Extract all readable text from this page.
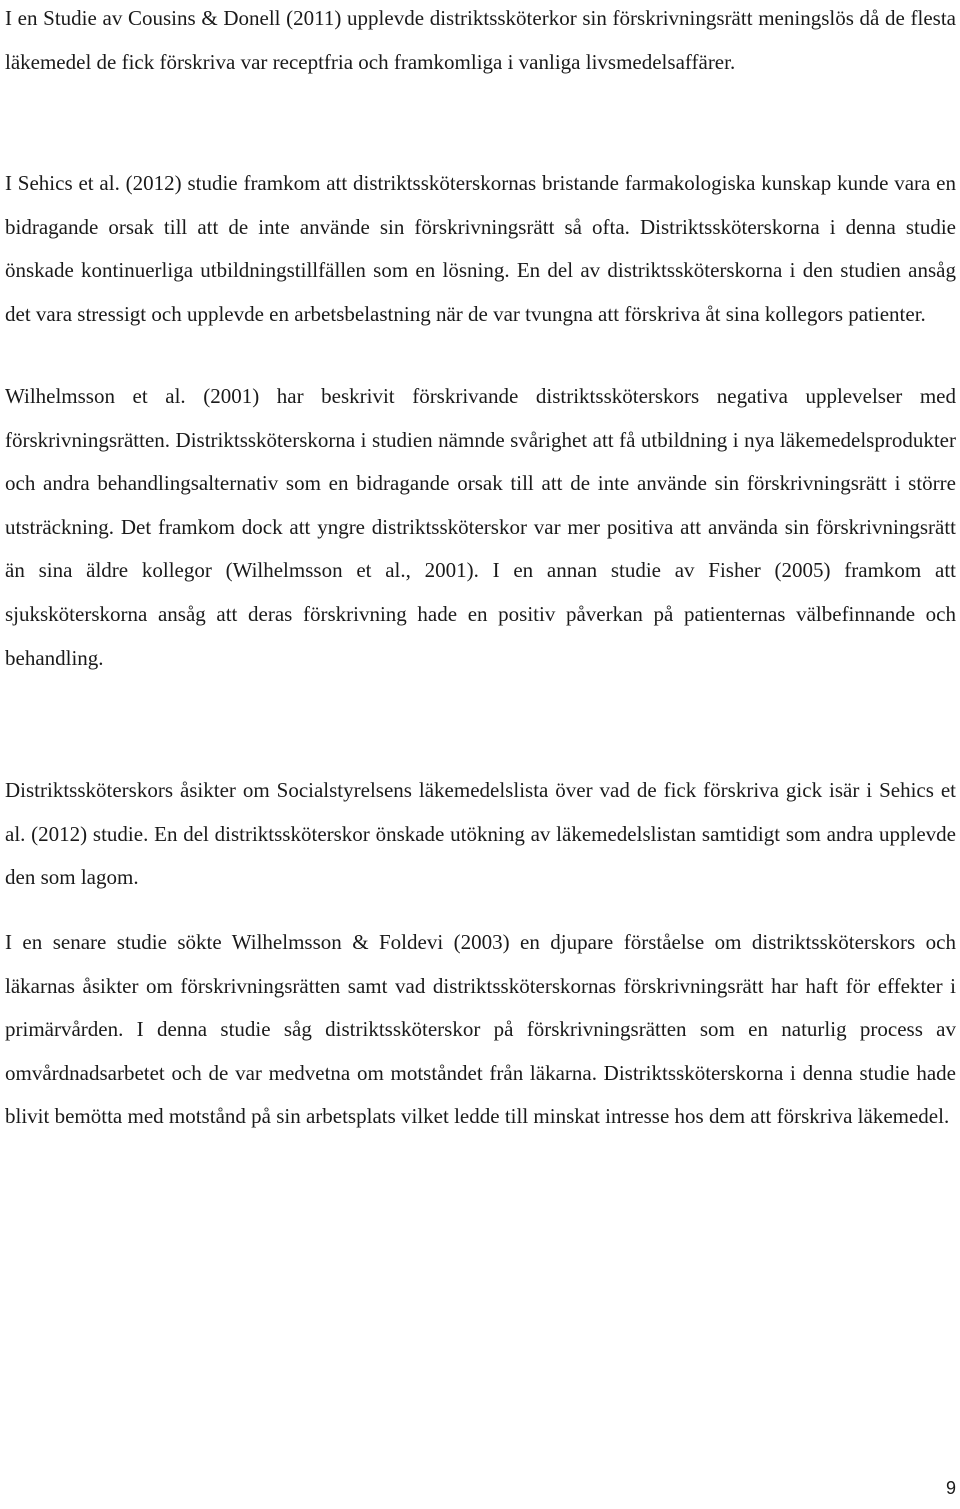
I en Studie av Cousins & Donell (2011) upplevde distriktssköterkor sin förskrivningsrätt meningslös då de flesta läkemedel de fick förskriva var receptfria och framkomliga i vanliga livsmedelsaffärer.

I Sehics et al. (2012) studie framkom att distriktssköterskornas bristande farmakologiska kunskap kunde vara en bidragande orsak till att de inte använde sin förskrivningsrätt så ofta. Distriktssköterskorna i denna studie önskade kontinuerliga utbildningstillfällen som en lösning. En del av distriktssköterskorna i den studien ansåg det vara stressigt och upplevde en arbetsbelastning när de var tvungna att förskriva åt sina kollegors patienter.

Wilhelmsson et al. (2001) har beskrivit förskrivande distriktssköterskors negativa upplevelser med förskrivningsrätten. Distriktssköterskorna i studien nämnde svårighet att få utbildning i nya läkemedelsprodukter och andra behandlingsalternativ som en bidragande orsak till att de inte använde sin förskrivningsrätt i större utsträckning. Det framkom dock att yngre distriktssköterskor var mer positiva att använda sin förskrivningsrätt än sina äldre kollegor (Wilhelmsson et al., 2001). I en annan studie av Fisher (2005) framkom att sjuksköterskorna ansåg att deras förskrivning hade en positiv påverkan på patienternas välbefinnande och behandling.

Distriktssköterskors åsikter om Socialstyrelsens läkemedelslista över vad de fick förskriva gick isär i Sehics et al. (2012) studie. En del distriktssköterskor önskade utökning av läkemedelslistan samtidigt som andra upplevde den som lagom.

I en senare studie sökte Wilhelmsson & Foldevi (2003) en djupare förståelse om distriktssköterskors och läkarnas åsikter om förskrivningsrätten samt vad distriktssköterskornas förskrivningsrätt har haft för effekter i primärvården. I denna studie såg distriktssköterskor på förskrivningsrätten som en naturlig process av omvårdnadsarbetet och de var medvetna om motståndet från läkarna. Distriktssköterskorna i denna studie hade blivit bemötta med motstånd på sin arbetsplats vilket ledde till minskat intresse hos dem att förskriva läkemedel.

9
